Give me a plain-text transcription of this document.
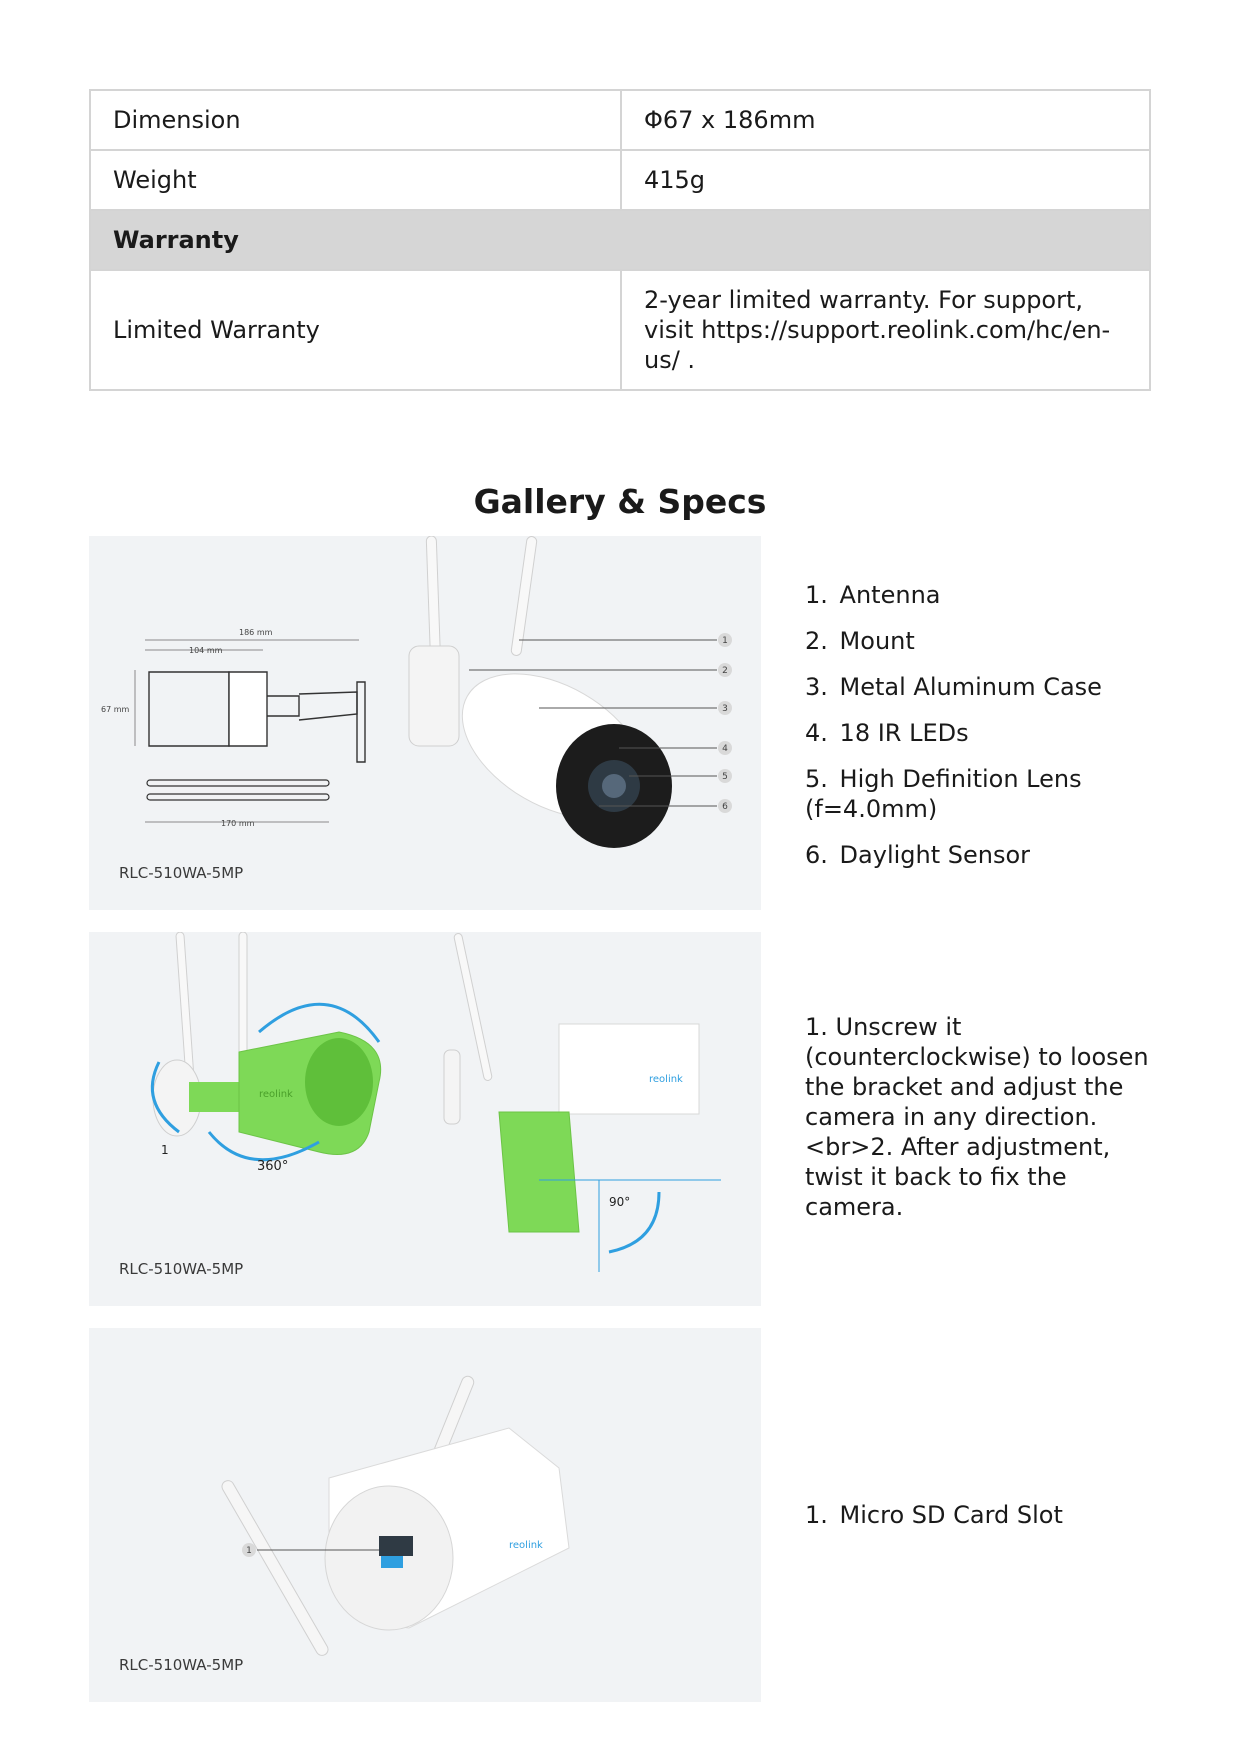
Dimension	Φ67 x 186mm
Weight	415g
Warranty	
Limited Warranty	2-year limited warranty. For support, visit https://support.reolink.com/hc/en-us/ .
Gallery & Specs
186 mm
104 mm
67 mm
170 mm
1
2
3
4
5
6
RLC-510WA-5MP
1. Antenna
2. Mount
3. Metal Aluminum Case
4. 18 IR LEDs
5. High Definition Lens (f=4.0mm)
6. Daylight Sensor
reolink
1
360°
reolink
90°
RLC-510WA-5MP

1. Unscrew it (counterclockwise) to loosen the bracket and adjust the camera in any direction.<br>2. After adjustment, twist it back to fix the camera.

reolink
1
RLC-510WA-5MP
1. Micro SD Card Slot
